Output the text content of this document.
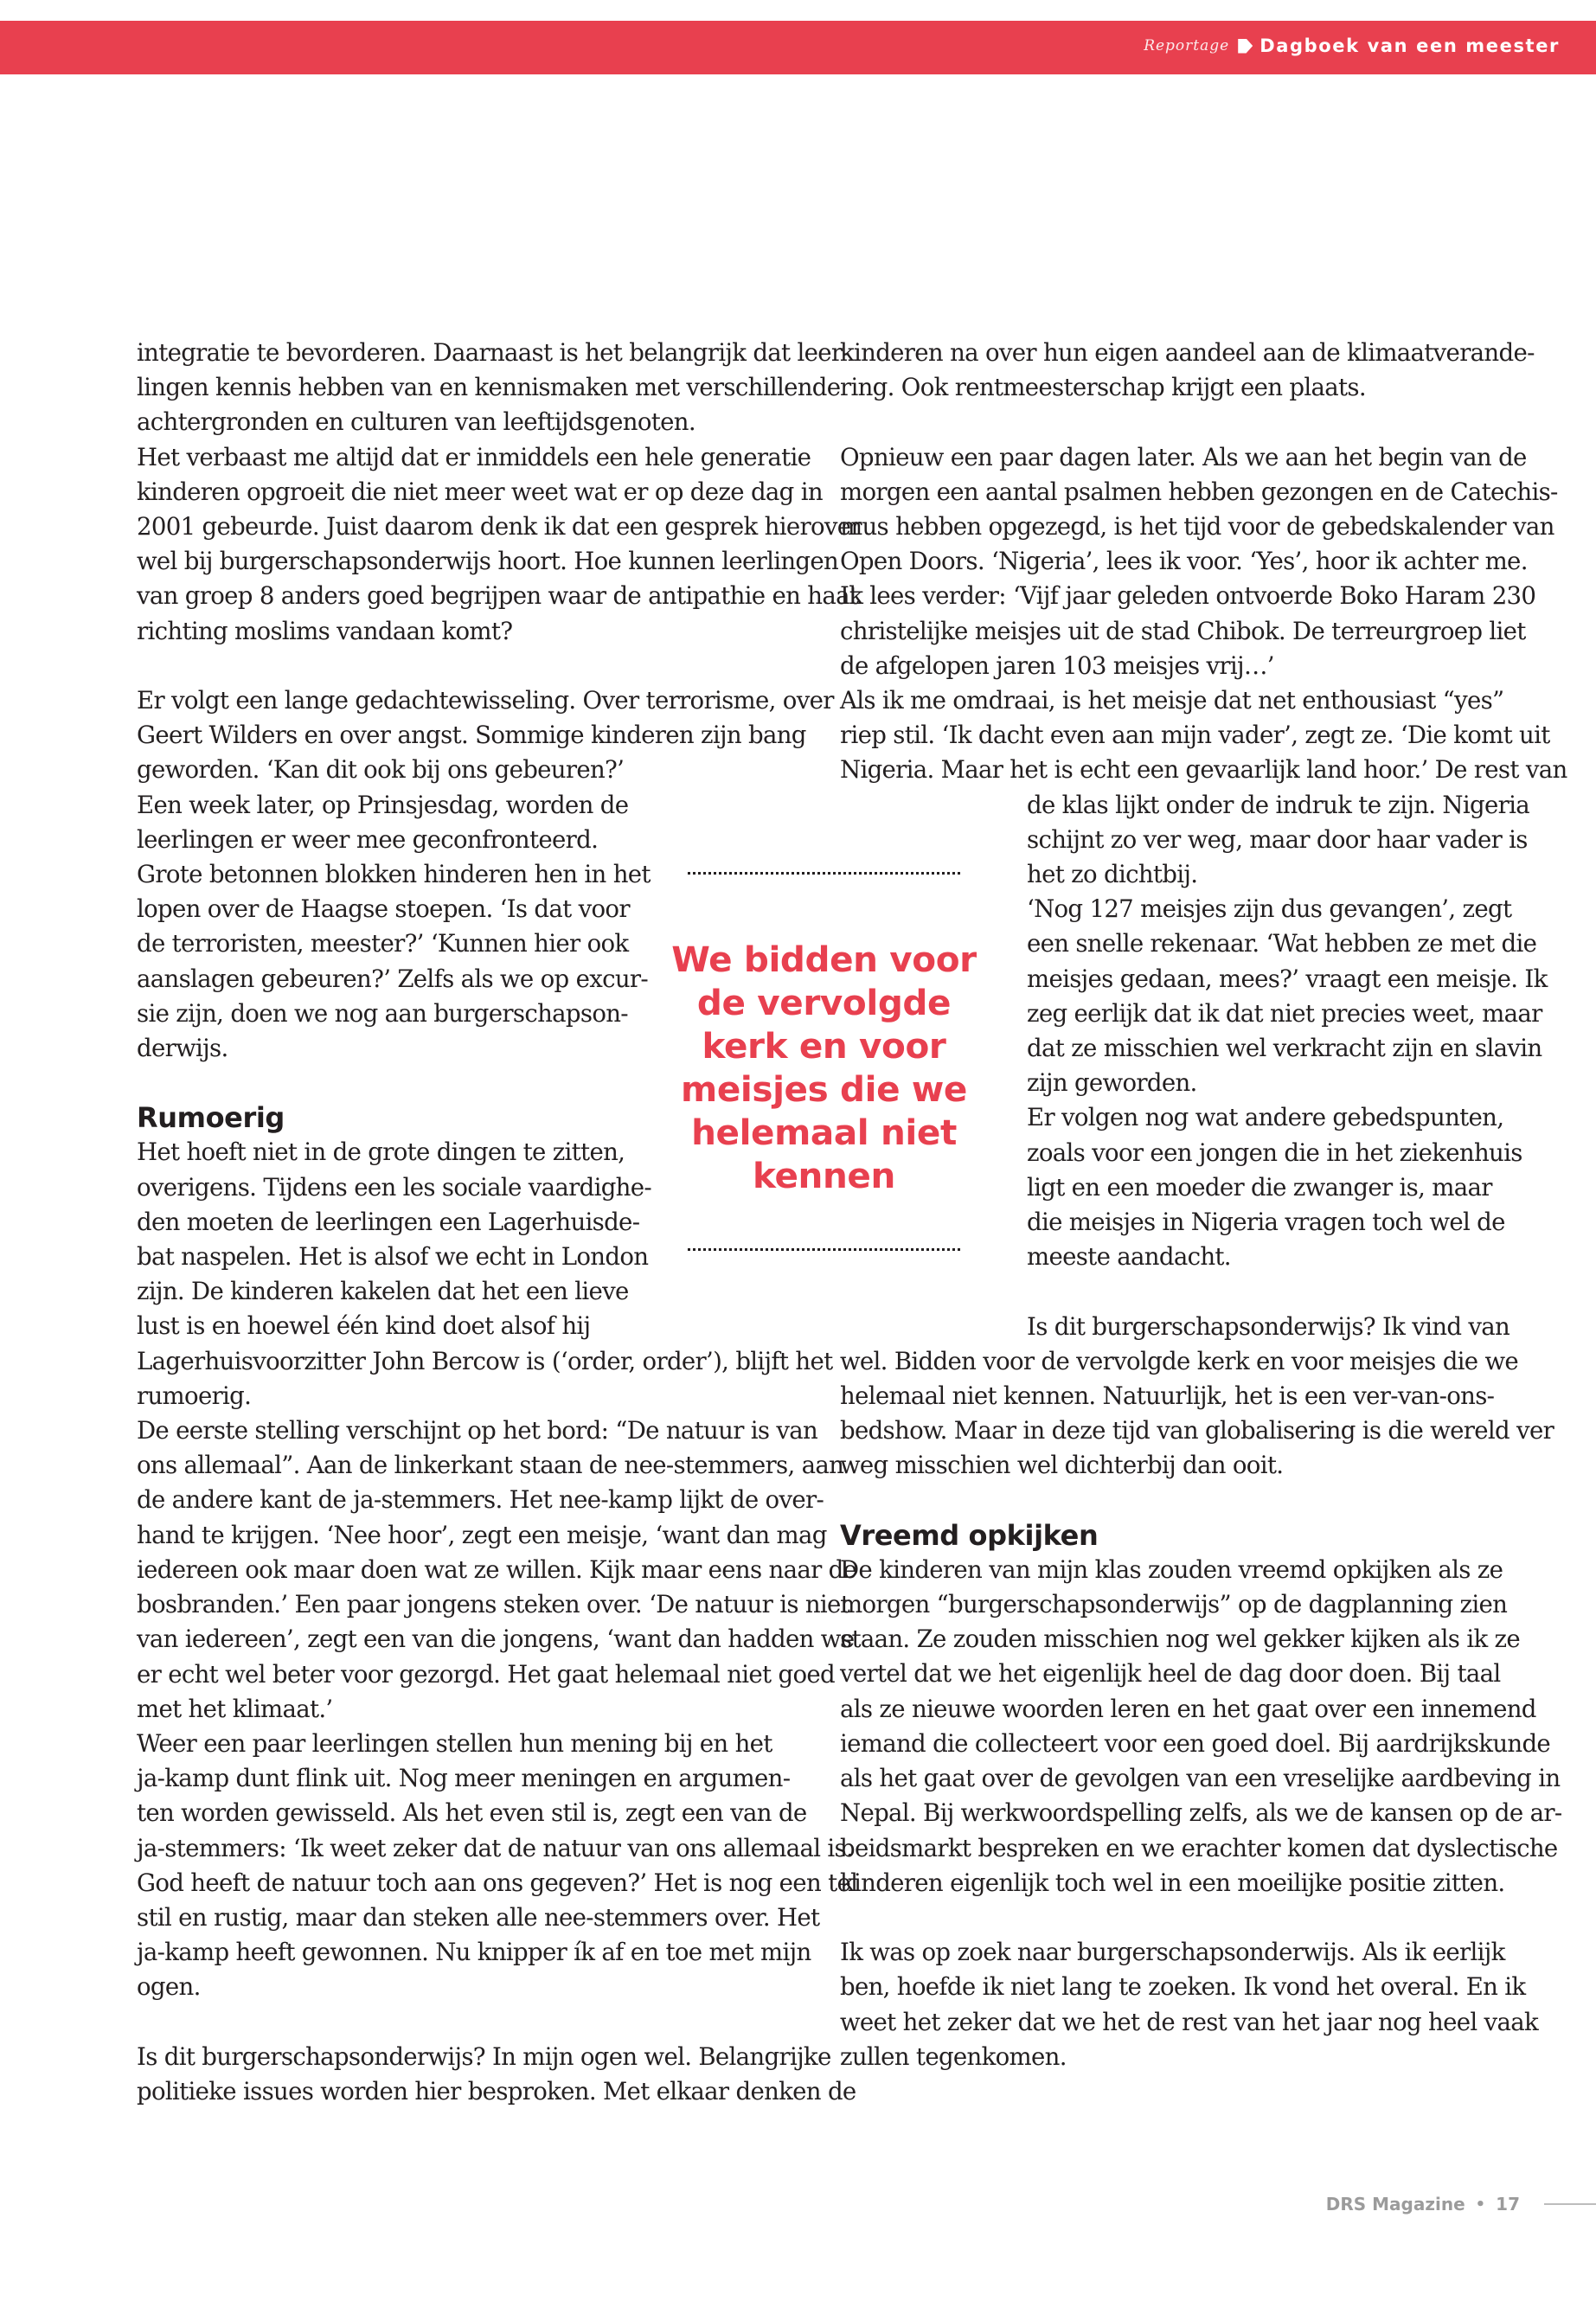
Reportage Dagboek van een meester

integratie te bevorderen. Daarnaast is het belangrijk dat leer-

lingen kennis hebben van en kennismaken met verschillende

achtergronden en culturen van leeftijdsgenoten.

Het verbaast me altijd dat er inmiddels een hele generatie

kinderen opgroeit die niet meer weet wat er op deze dag in

2001 gebeurde. Juist daarom denk ik dat een gesprek hierover

wel bij burgerschapsonderwijs hoort. Hoe kunnen leerlingen

van groep 8 anders goed begrijpen waar de antipathie en haat

richting moslims vandaan komt?

Er volgt een lange gedachtewisseling. Over terrorisme, over

Geert Wilders en over angst. Sommige kinderen zijn bang

geworden. ‘Kan dit ook bij ons gebeuren?’

Een week later, op Prinsjesdag, worden de

leerlingen er weer mee geconfronteerd.

Grote betonnen blokken hinderen hen in het

lopen over de Haagse stoepen. ‘Is dat voor

de terroristen, meester?’ ‘Kunnen hier ook

aanslagen gebeuren?’ Zelfs als we op excur-

sie zijn, doen we nog aan burgerschapson-

derwijs.

Rumoerig

Het hoeft niet in de grote dingen te zitten,

overigens. Tijdens een les sociale vaardighe-

den moeten de leerlingen een Lagerhuisde-

bat naspelen. Het is alsof we echt in London

zijn. De kinderen kakelen dat het een lieve

lust is en hoewel één kind doet alsof hij

Lagerhuisvoorzitter John Bercow is (‘order, order’), blijft het

rumoerig.

De eerste stelling verschijnt op het bord: “De natuur is van

ons allemaal”. Aan de linkerkant staan de nee-stemmers, aan

de andere kant de ja-stemmers. Het nee-kamp lijkt de over-

hand te krijgen. ‘Nee hoor’, zegt een meisje, ‘want dan mag

iedereen ook maar doen wat ze willen. Kijk maar eens naar de

bosbranden.’ Een paar jongens steken over. ‘De natuur is niet

van iedereen’, zegt een van die jongens, ‘want dan hadden we

er echt wel beter voor gezorgd. Het gaat helemaal niet goed

met het klimaat.’

Weer een paar leerlingen stellen hun mening bij en het

ja-kamp dunt flink uit. Nog meer meningen en argumen-

ten worden gewisseld. Als het even stil is, zegt een van de

ja-stemmers: ‘Ik weet zeker dat de natuur van ons allemaal is.

God heeft de natuur toch aan ons gegeven?’ Het is nog een tel

stil en rustig, maar dan steken alle nee-stemmers over. Het

ja-kamp heeft gewonnen. Nu knipper ík af en toe met mijn

ogen.

Is dit burgerschapsonderwijs? In mijn ogen wel. Belangrijke

politieke issues worden hier besproken. Met elkaar denken de

We bidden voor
de vervolgde
kerk en voor
meisjes die we
helemaal niet
kennen

kinderen na over hun eigen aandeel aan de klimaatverande-

ring. Ook rentmeesterschap krijgt een plaats.

Opnieuw een paar dagen later. Als we aan het begin van de

morgen een aantal psalmen hebben gezongen en de Catechis-

mus hebben opgezegd, is het tijd voor de gebedskalender van

Open Doors. ‘Nigeria’, lees ik voor. ‘Yes’, hoor ik achter me.

Ik lees verder: ‘Vijf jaar geleden ontvoerde Boko Haram 230

christelijke meisjes uit de stad Chibok. De terreurgroep liet

de afgelopen jaren 103 meisjes vrij…’

Als ik me omdraai, is het meisje dat net enthousiast “yes”

riep stil. ‘Ik dacht even aan mijn vader’, zegt ze. ‘Die komt uit

Nigeria. Maar het is echt een gevaarlijk land hoor.’ De rest van

de klas lijkt onder de indruk te zijn. Nigeria

schijnt zo ver weg, maar door haar vader is

het zo dichtbij.

‘Nog 127 meisjes zijn dus gevangen’, zegt

een snelle rekenaar. ‘Wat hebben ze met die

meisjes gedaan, mees?’ vraagt een meisje. Ik

zeg eerlijk dat ik dat niet precies weet, maar

dat ze misschien wel verkracht zijn en slavin

zijn geworden.

Er volgen nog wat andere gebedspunten,

zoals voor een jongen die in het ziekenhuis

ligt en een moeder die zwanger is, maar

die meisjes in Nigeria vragen toch wel de

meeste aandacht.

Is dit burgerschapsonderwijs? Ik vind van

wel. Bidden voor de vervolgde kerk en voor meisjes die we

helemaal niet kennen. Natuurlijk, het is een ver-van-ons-

bedshow. Maar in deze tijd van globalisering is die wereld ver

weg misschien wel dichterbij dan ooit.

Vreemd opkijken

De kinderen van mijn klas zouden vreemd opkijken als ze

morgen “burgerschapsonderwijs” op de dagplanning zien

staan. Ze zouden misschien nog wel gekker kijken als ik ze

vertel dat we het eigenlijk heel de dag door doen. Bij taal

als ze nieuwe woorden leren en het gaat over een innemend

iemand die collecteert voor een goed doel. Bij aardrijkskunde

als het gaat over de gevolgen van een vreselijke aardbeving in

Nepal. Bij werkwoordspelling zelfs, als we de kansen op de ar-

beidsmarkt bespreken en we erachter komen dat dyslectische

kinderen eigenlijk toch wel in een moeilijke positie zitten.

Ik was op zoek naar burgerschapsonderwijs. Als ik eerlijk

ben, hoefde ik niet lang te zoeken. Ik vond het overal. En ik

weet het zeker dat we het de rest van het jaar nog heel vaak

zullen tegenkomen.

DRS Magazine • 17
